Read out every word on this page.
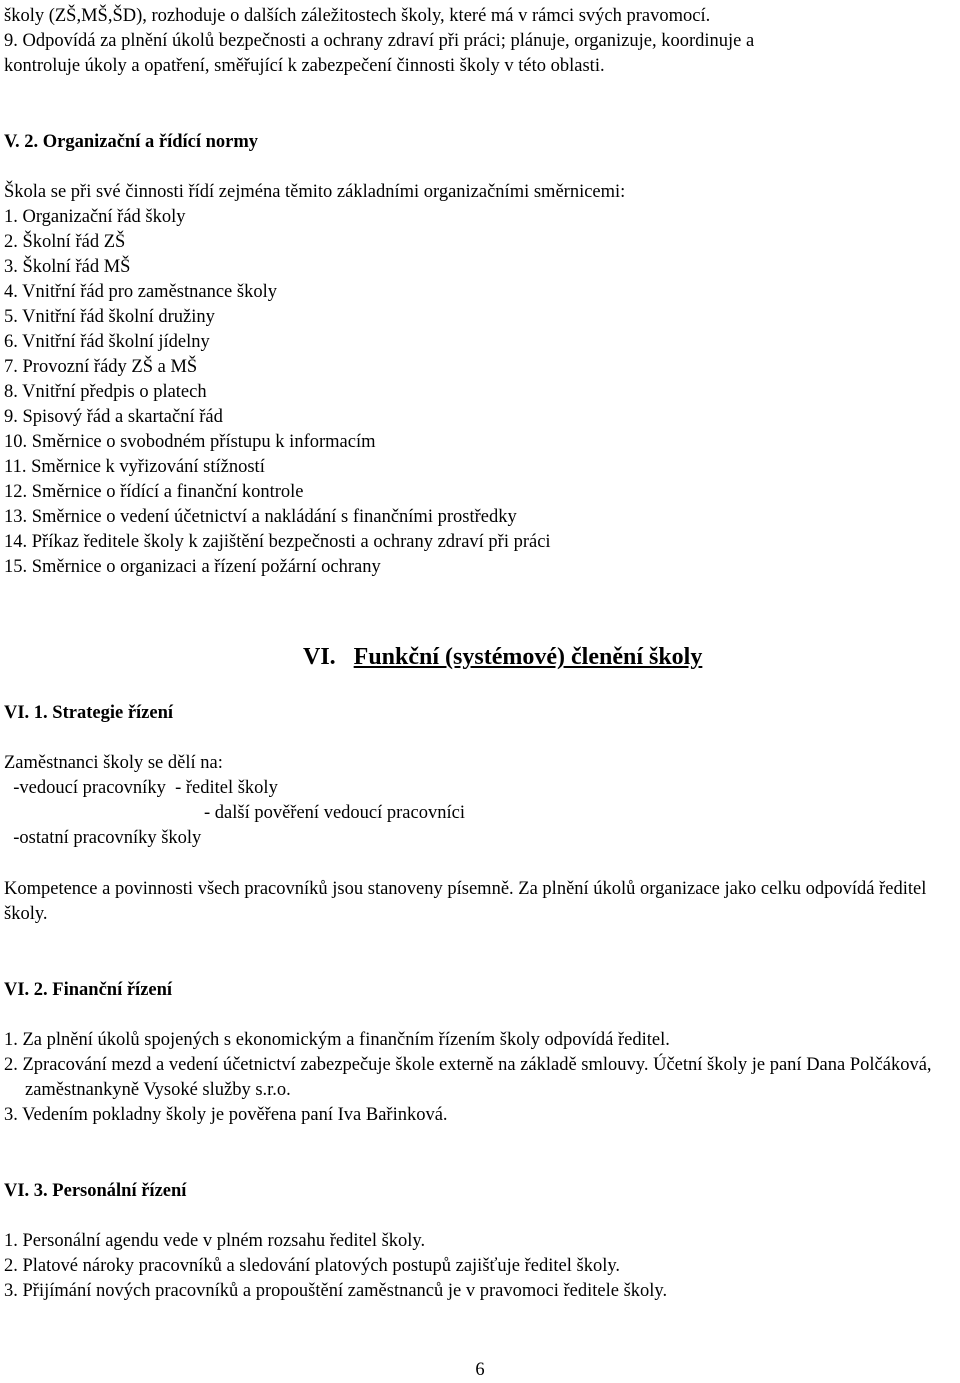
školy (ZŠ,MŠ,ŠD), rozhoduje o dalších záležitostech školy, které má v rámci svých pravomocí.
9. Odpovídá za plnění úkolů bezpečnosti a ochrany zdraví při práci; plánuje, organizuje, koordinuje a
kontroluje úkoly a opatření, směřující k zabezpečení činnosti školy v této oblasti.
V. 2. Organizační a řídící normy
Škola se při své činnosti řídí zejména těmito základními organizačními směrnicemi:
1. Organizační řád školy
2. Školní řád ZŠ
3. Školní řád MŠ
4. Vnitřní řád pro zaměstnance školy
5. Vnitřní řád školní družiny
6. Vnitřní řád školní jídelny
7. Provozní řády ZŠ a MŠ
8. Vnitřní předpis o platech
9. Spisový řád a skartační řád
10. Směrnice o svobodném přístupu k informacím
11. Směrnice k vyřizování stížností
12. Směrnice o řídící a finanční kontrole
13. Směrnice o vedení účetnictví a nakládání s finančními prostředky
14. Příkaz ředitele školy k zajištění bezpečnosti a ochrany zdraví při práci
15. Směrnice o organizaci a řízení požární ochrany
VI. Funkční (systémové) členění školy
VI. 1. Strategie řízení
Zaměstnanci školy se dělí na:
-vedoucí pracovníky  - ředitel školy
- další pověření vedoucí pracovníci
-ostatní pracovníky školy
Kompetence a povinnosti všech pracovníků jsou stanoveny písemně. Za plnění úkolů organizace jako celku odpovídá ředitel školy.
VI. 2. Finanční řízení
1. Za plnění úkolů spojených s ekonomickým a finančním řízením školy odpovídá ředitel.
2. Zpracování mezd a vedení účetnictví zabezpečuje škole externě na základě smlouvy. Účetní školy je paní Dana Polčáková, zaměstnankyně Vysoké služby s.r.o.
3. Vedením pokladny školy je pověřena paní Iva Bařinková.
VI. 3. Personální řízení
1. Personální agendu vede v plném rozsahu ředitel školy.
2. Platové nároky pracovníků a sledování platových postupů zajišťuje ředitel školy.
3. Přijímání nových pracovníků a propouštění zaměstnanců je v pravomoci ředitele školy.
6
